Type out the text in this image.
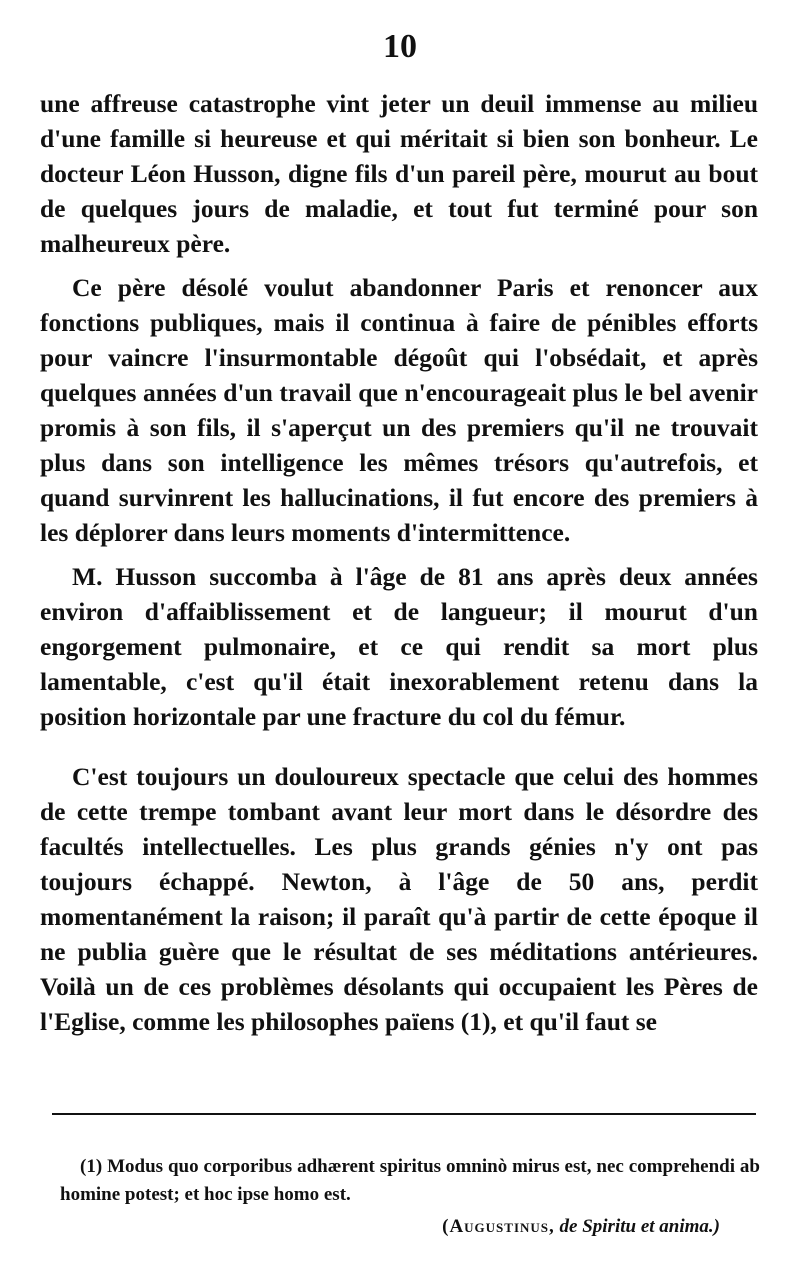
10

une affreuse catastrophe vint jeter un deuil immense au milieu d'une famille si heureuse et qui méritait si bien son bonheur. Le docteur Léon Husson, digne fils d'un pareil père, mourut au bout de quelques jours de maladie, et tout fut terminé pour son malheureux père.

Ce père désolé voulut abandonner Paris et renoncer aux fonctions publiques, mais il continua à faire de pénibles efforts pour vaincre l'insurmontable dégoût qui l'obsédait, et après quelques années d'un travail que n'encourageait plus le bel avenir promis à son fils, il s'aperçut un des premiers qu'il ne trouvait plus dans son intelligence les mêmes trésors qu'autrefois, et quand survinrent les hallucinations, il fut encore des premiers à les déplorer dans leurs moments d'intermittence.

M. Husson succomba à l'âge de 81 ans après deux années environ d'affaiblissement et de langueur; il mourut d'un engorgement pulmonaire, et ce qui rendit sa mort plus lamentable, c'est qu'il était inexorablement retenu dans la position horizontale par une fracture du col du fémur.

C'est toujours un douloureux spectacle que celui des hommes de cette trempe tombant avant leur mort dans le désordre des facultés intellectuelles. Les plus grands génies n'y ont pas toujours échappé. Newton, à l'âge de 50 ans, perdit momentanément la raison; il paraît qu'à partir de cette époque il ne publia guère que le résultat de ses méditations antérieures. Voilà un de ces problèmes désolants qui occupaient les Pères de l'Eglise, comme les philosophes païens (1), et qu'il faut se

(1) Modus quo corporibus adhærent spiritus omninò mirus est, nec comprehendi ab homine potest; et hoc ipse homo est.

(Augustinus, de Spiritu et anima.)
